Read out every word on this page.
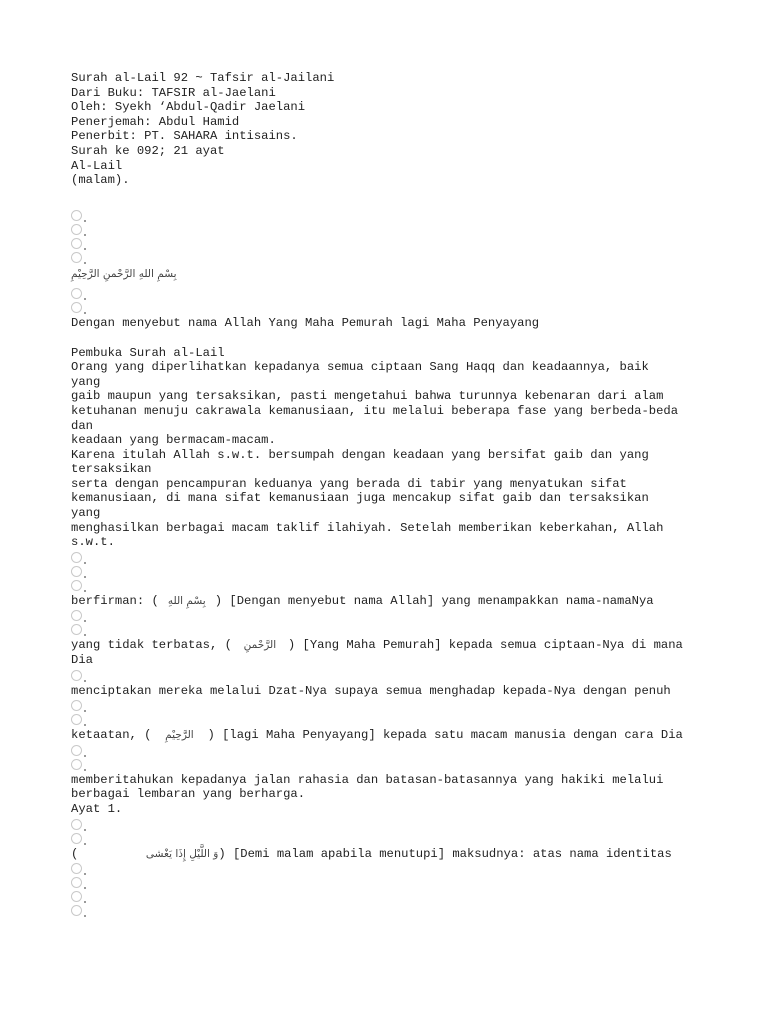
Surah al-Lail 92 ~ Tafsir al-Jailani
Dari Buku: TAFSIR al-Jaelani
Oleh: Syekh ‘Abdul-Qadir Jaelani
Penerjemah: Abdul Hamid
Penerbit: PT. SAHARA intisains.
Surah ke 092; 21 ayat
Al-Lail
(malam).
بِسْمِ اللهِ الرَّحْمنِ الرَّحِيْمِ
Dengan menyebut nama Allah Yang Maha Pemurah lagi Maha Penyayang
Pembuka Surah al-Lail
Orang yang diperlihatkan kepadanya semua ciptaan Sang Haqq dan keadaannya, baik
yang
gaib maupun yang tersaksikan, pasti mengetahui bahwa turunnya kebenaran dari alam
ketuhanan menuju cakrawala kemanusiaan, itu melalui beberapa fase yang berbeda-beda
dan
keadaan yang bermacam-macam.
Karena itulah Allah s.w.t. bersumpah dengan keadaan yang bersifat gaib dan yang
tersaksikan
serta dengan pencampuran keduanya yang berada di tabir yang menyatukan sifat
kemanusiaan, di mana sifat kemanusiaan juga mencakup sifat gaib dan tersaksikan
yang
menghasilkan berbagai macam taklif ilahiyah. Setelah memberikan keberkahan, Allah
s.w.t.
berfirman: ( بِسْمِ اللهِ ) [Dengan menyebut nama Allah] yang menampakkan nama-namaNya
yang tidak terbatas, ( الرَّحْمنِ ) [Yang Maha Pemurah] kepada semua ciptaan-Nya di mana
Dia
menciptakan mereka melalui Dzat-Nya supaya semua menghadap kepada-Nya dengan penuh
ketaatan, ( الرَّحِيْمِ ) [lagi Maha Penyayang] kepada satu macam manusia dengan cara Dia
memberitahukan kepadanya jalan rahasia dan batasan-batasannya yang hakiki melalui
berbagai lembaran yang berharga.
Ayat 1.
(	وَ اللَّيْلِ إِذَا يَغْشى) [Demi malam apabila menutupi] maksudnya: atas nama identitas
